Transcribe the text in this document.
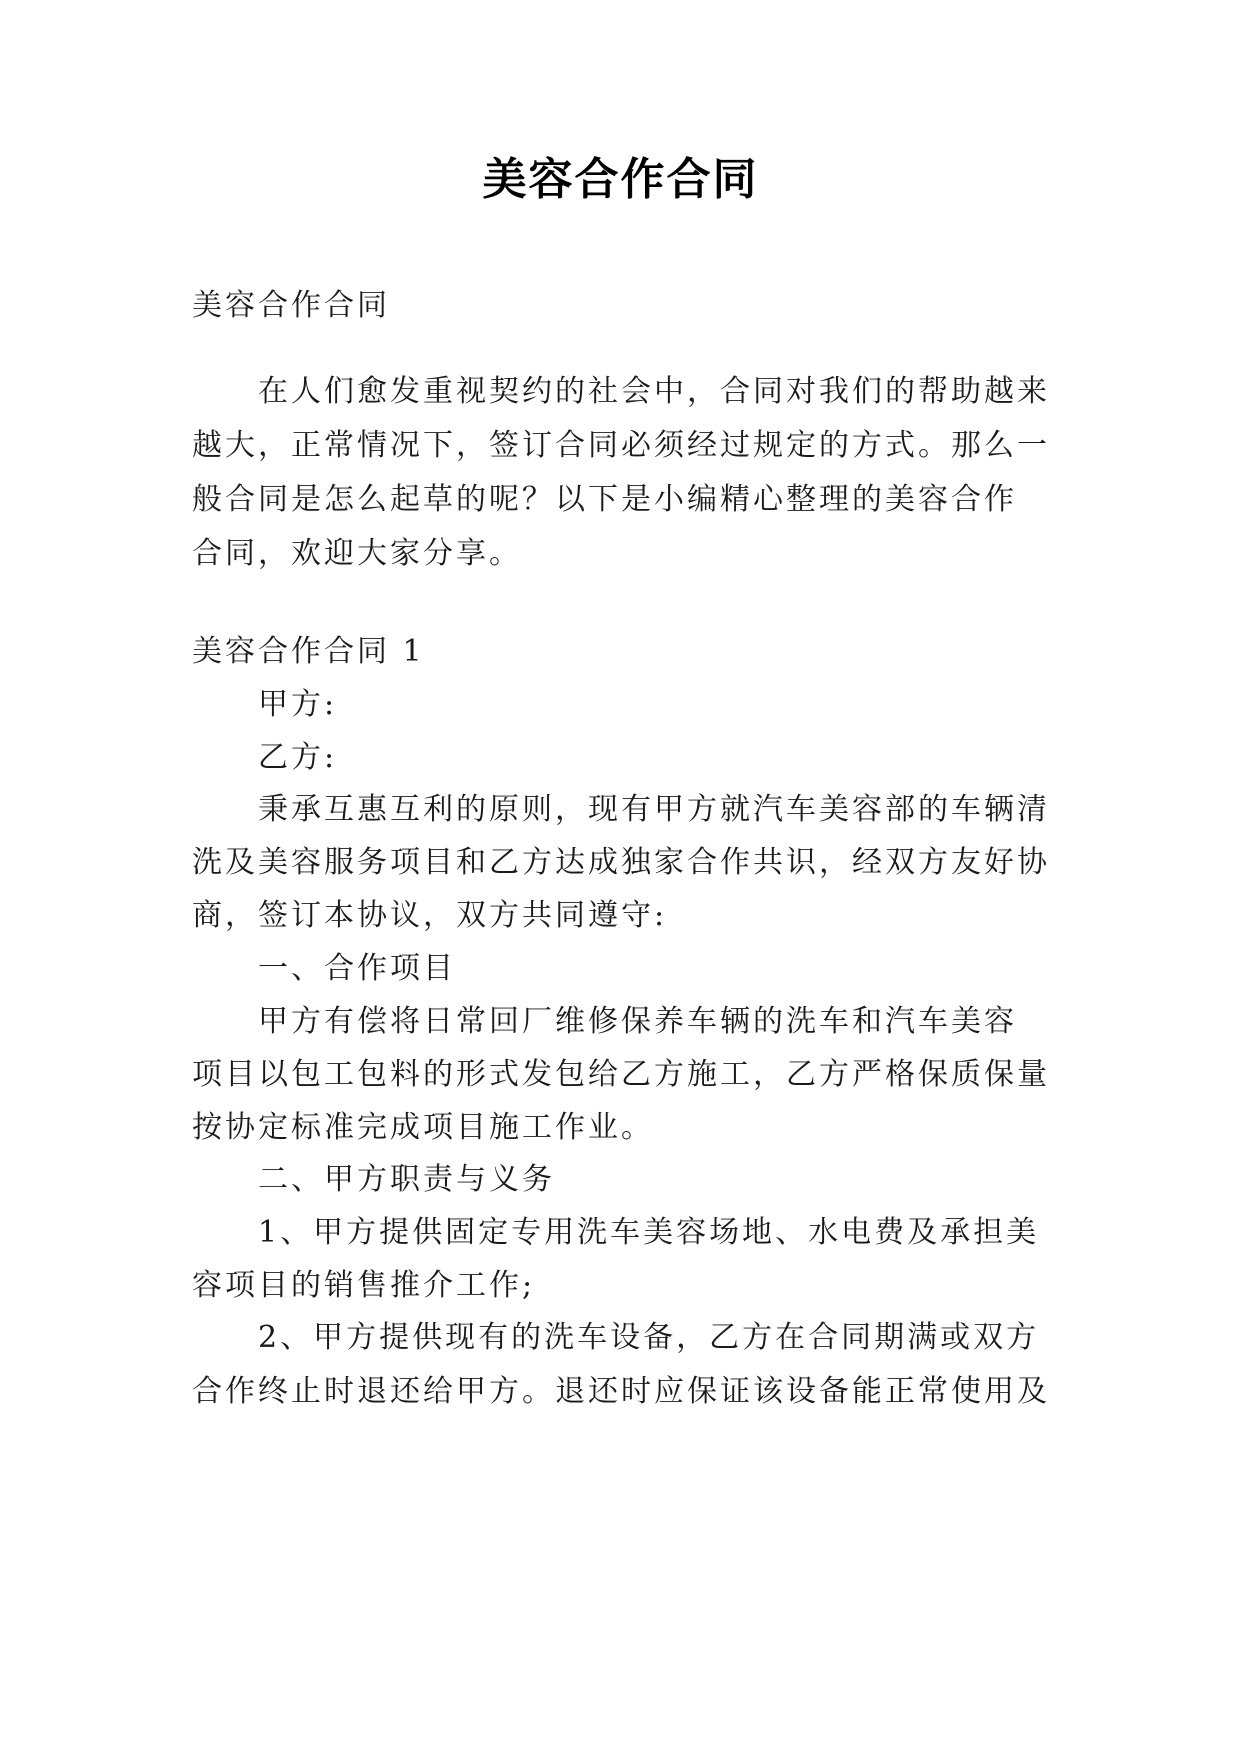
美容合作合同
美容合作合同
在人们愈发重视契约的社会中，合同对我们的帮助越来
越大，正常情况下，签订合同必须经过规定的方式。那么一
般合同是怎么起草的呢？以下是小编精心整理的美容合作
合同，欢迎大家分享。
美容合作合同 1
甲方:
乙方:
秉承互惠互利的原则，现有甲方就汽车美容部的车辆清
洗及美容服务项目和乙方达成独家合作共识，经双方友好协
商，签订本协议，双方共同遵守:
一、合作项目
甲方有偿将日常回厂维修保养车辆的洗车和汽车美容
项目以包工包料的形式发包给乙方施工，乙方严格保质保量
按协定标准完成项目施工作业。
二、甲方职责与义务
1、甲方提供固定专用洗车美容场地、水电费及承担美
容项目的销售推介工作;
2、甲方提供现有的洗车设备，乙方在合同期满或双方
合作终止时退还给甲方。退还时应保证该设备能正常使用及
